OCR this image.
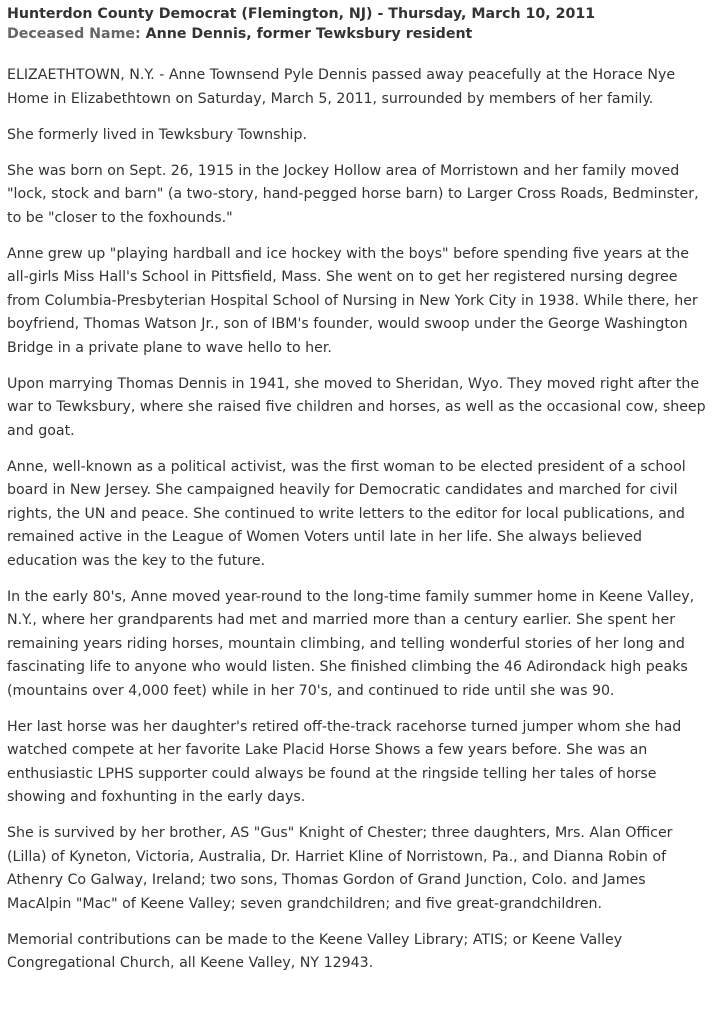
Hunterdon County Democrat (Flemington, NJ) - Thursday, March 10, 2011
Deceased Name: Anne Dennis, former Tewksbury resident

ELIZAETHTOWN, N.Y. - Anne Townsend Pyle Dennis passed away peacefully at the Horace Nye Home in Elizabethtown on Saturday, March 5, 2011, surrounded by members of her family.

She formerly lived in Tewksbury Township.

She was born on Sept. 26, 1915 in the Jockey Hollow area of Morristown and her family moved "lock, stock and barn" (a two-story, hand-pegged horse barn) to Larger Cross Roads, Bedminster, to be "closer to the foxhounds."

Anne grew up "playing hardball and ice hockey with the boys" before spending five years at the all-girls Miss Hall's School in Pittsfield, Mass. She went on to get her registered nursing degree from Columbia-Presbyterian Hospital School of Nursing in New York City in 1938. While there, her boyfriend, Thomas Watson Jr., son of IBM's founder, would swoop under the George Washington Bridge in a private plane to wave hello to her.

Upon marrying Thomas Dennis in 1941, she moved to Sheridan, Wyo. They moved right after the war to Tewksbury, where she raised five children and horses, as well as the occasional cow, sheep and goat.

Anne, well-known as a political activist, was the first woman to be elected president of a school board in New Jersey. She campaigned heavily for Democratic candidates and marched for civil rights, the UN and peace. She continued to write letters to the editor for local publications, and remained active in the League of Women Voters until late in her life. She always believed education was the key to the future.

In the early 80's, Anne moved year-round to the long-time family summer home in Keene Valley, N.Y., where her grandparents had met and married more than a century earlier. She spent her remaining years riding horses, mountain climbing, and telling wonderful stories of her long and fascinating life to anyone who would listen. She finished climbing the 46 Adirondack high peaks (mountains over 4,000 feet) while in her 70's, and continued to ride until she was 90.

Her last horse was her daughter's retired off-the-track racehorse turned jumper whom she had watched compete at her favorite Lake Placid Horse Shows a few years before. She was an enthusiastic LPHS supporter could always be found at the ringside telling her tales of horse showing and foxhunting in the early days.

She is survived by her brother, AS "Gus" Knight of Chester; three daughters, Mrs. Alan Officer (Lilla) of Kyneton, Victoria, Australia, Dr. Harriet Kline of Norristown, Pa., and Dianna Robin of Athenry Co Galway, Ireland; two sons, Thomas Gordon of Grand Junction, Colo. and James MacAlpin "Mac" of Keene Valley; seven grandchildren; and five great-grandchildren.

Memorial contributions can be made to the Keene Valley Library; ATIS; or Keene Valley Congregational Church, all Keene Valley, NY 12943.
